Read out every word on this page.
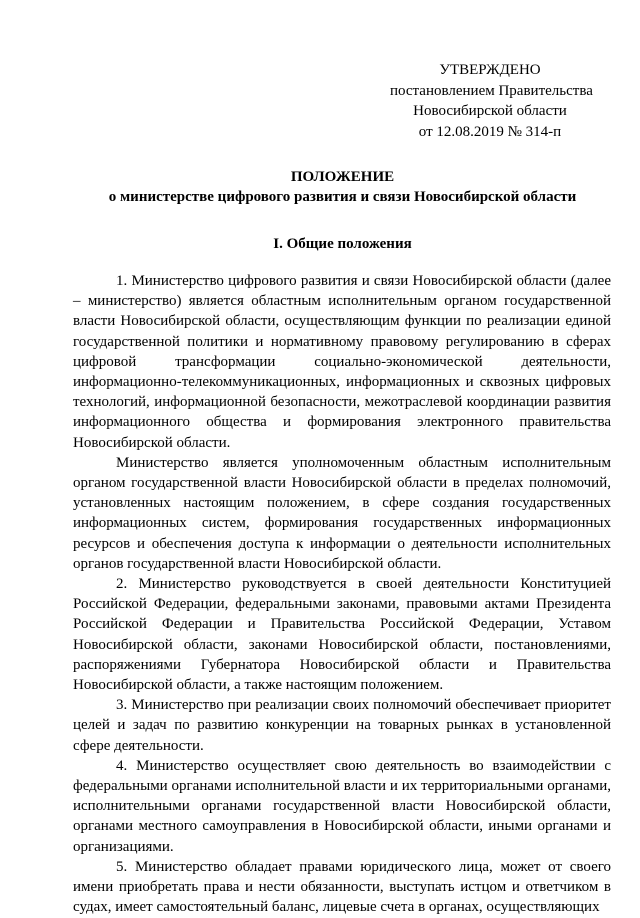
УТВЕРЖДЕНО
постановлением Правительства
Новосибирской области
от 12.08.2019 № 314-п
ПОЛОЖЕНИЕ
о министерстве цифрового развития и связи Новосибирской области
I. Общие положения

1. Министерство цифрового развития и связи Новосибирской области (далее – министерство) является областным исполнительным органом государственной власти Новосибирской области, осуществляющим функции по реализации единой государственной политики и нормативному правовому регулированию в сферах цифровой трансформации социально-экономической деятельности, информационно-телекоммуникационных, информационных и сквозных цифровых технологий, информационной безопасности, межотраслевой координации развития информационного общества и формирования электронного правительства Новосибирской области.

Министерство является уполномоченным областным исполнительным органом государственной власти Новосибирской области в пределах полномочий, установленных настоящим положением, в сфере создания государственных информационных систем, формирования государственных информационных ресурсов и обеспечения доступа к информации о деятельности исполнительных органов государственной власти Новосибирской области.

2. Министерство руководствуется в своей деятельности Конституцией Российской Федерации, федеральными законами, правовыми актами Президента Российской Федерации и Правительства Российской Федерации, Уставом Новосибирской области, законами Новосибирской области, постановлениями, распоряжениями Губернатора Новосибирской области и Правительства Новосибирской области, а также настоящим положением.

3. Министерство при реализации своих полномочий обеспечивает приоритет целей и задач по развитию конкуренции на товарных рынках в установленной сфере деятельности.

4. Министерство осуществляет свою деятельность во взаимодействии с федеральными органами исполнительной власти и их территориальными органами, исполнительными органами государственной власти Новосибирской области, органами местного самоуправления в Новосибирской области, иными органами и организациями.

5. Министерство обладает правами юридического лица, может от своего имени приобретать права и нести обязанности, выступать истцом и ответчиком в судах, имеет самостоятельный баланс, лицевые счета в органах, осуществляющих
